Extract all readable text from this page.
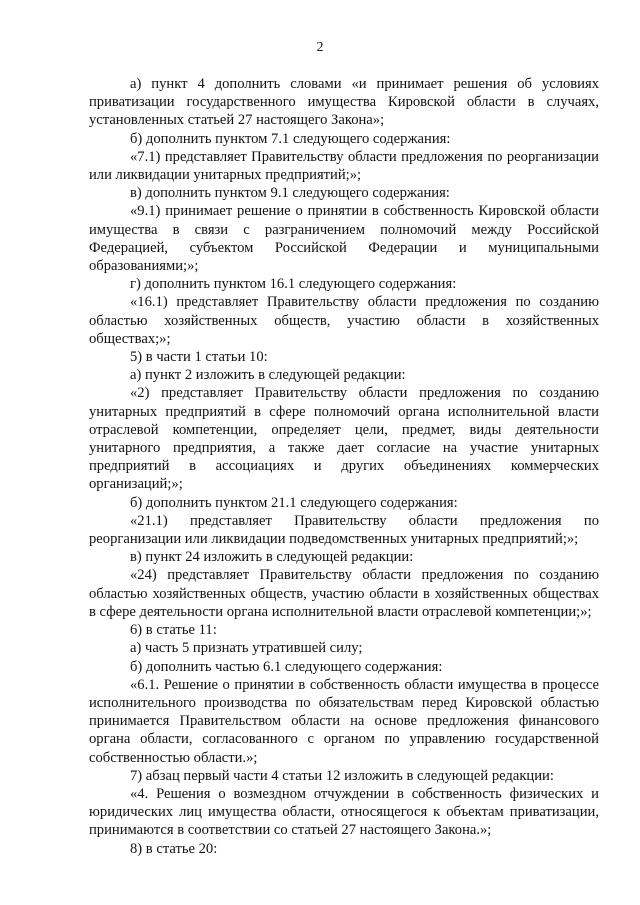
2

а) пункт 4 дополнить словами «и принимает решения об условиях приватизации государственного имущества Кировской области в случаях, установленных статьей 27 настоящего Закона»;

б) дополнить пунктом 7.1 следующего содержания:

«7.1) представляет Правительству области предложения по реорганизации или ликвидации унитарных предприятий;»;

в) дополнить пунктом 9.1 следующего содержания:

«9.1) принимает решение о принятии в собственность Кировской области имущества в связи с разграничением полномочий между Российской Федерацией, субъектом Российской Федерации и муниципальными образованиями;»;

г) дополнить пунктом 16.1 следующего содержания:

«16.1) представляет Правительству области предложения по созданию областью хозяйственных обществ, участию области в хозяйственных обществах;»;

5) в части 1 статьи 10:

а) пункт 2 изложить в следующей редакции:

«2) представляет Правительству области предложения по созданию унитарных предприятий в сфере полномочий органа исполнительной власти отраслевой компетенции, определяет цели, предмет, виды деятельности унитарного предприятия, а также дает согласие на участие унитарных предприятий в ассоциациях и других объединениях коммерческих организаций;»;

б) дополнить пунктом 21.1 следующего содержания:

«21.1) представляет Правительству области предложения по реорганизации или ликвидации подведомственных унитарных предприятий;»;

в) пункт 24 изложить в следующей редакции:

«24) представляет Правительству области предложения по созданию областью хозяйственных обществ, участию области в хозяйственных обществах в сфере деятельности органа исполнительной власти отраслевой компетенции;»;

6) в статье 11:

а) часть 5 признать утратившей силу;

б) дополнить частью 6.1 следующего содержания:

«6.1. Решение о принятии в собственность области имущества в процессе исполнительного производства по обязательствам перед Кировской областью принимается Правительством области на основе предложения финансового органа области, согласованного с органом по управлению государственной собственностью области.»;

7) абзац первый части 4 статьи 12 изложить в следующей редакции:

«4. Решения о возмездном отчуждении в собственность физических и юридических лиц имущества области, относящегося к объектам приватизации, принимаются в соответствии со статьей 27 настоящего Закона.»;

8) в статье 20:
